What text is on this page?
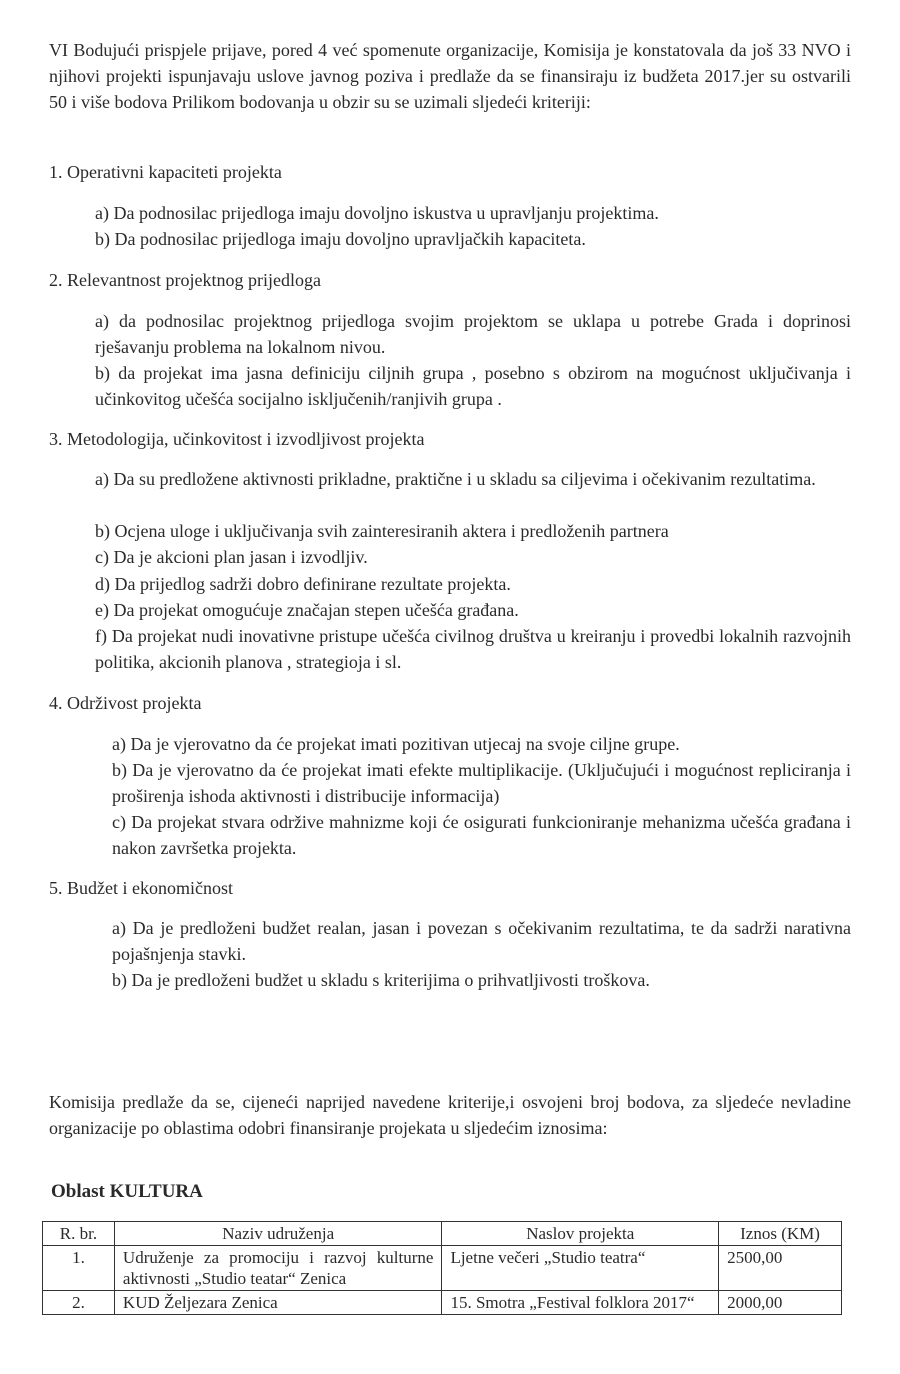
VI Bodujući prispjele prijave, pored 4 već spomenute organizacije, Komisija je konstatovala da još 33 NVO i njihovi projekti ispunjavaju uslove javnog poziva i predlaže da se finansiraju iz budžeta 2017.jer su ostvarili 50 i više bodova Prilikom bodovanja u obzir su se uzimali sljedeći kriteriji:

1. Operativni kapaciteti projekta

a) Da podnosilac prijedloga imaju dovoljno iskustva u upravljanju projektima.

b) Da podnosilac prijedloga imaju dovoljno upravljačkih kapaciteta.

2. Relevantnost projektnog prijedloga

a) da podnosilac projektnog prijedloga svojim projektom se uklapa u potrebe Grada i doprinosi rješavanju problema na lokalnom nivou.

b) da projekat ima jasna definiciju ciljnih grupa , posebno s obzirom na mogućnost uključivanja i učinkovitog učešća socijalno isključenih/ranjivih grupa .

3. Metodologija, učinkovitost i izvodljivost projekta

a) Da su predložene aktivnosti prikladne, praktične i u skladu sa ciljevima i očekivanim rezultatima.

b) Ocjena uloge i uključivanja svih zainteresiranih aktera i predloženih partnera

c) Da je akcioni plan jasan i izvodljiv.

d) Da prijedlog sadrži dobro definirane rezultate projekta.

e) Da projekat omogućuje značajan stepen učešća građana.

f) Da projekat nudi inovativne pristupe učešća civilnog društva u kreiranju i provedbi lokalnih razvojnih politika, akcionih planova , strategioja i sl.

4. Održivost projekta

a) Da je vjerovatno da će projekat imati pozitivan utjecaj na svoje ciljne grupe.

b) Da je vjerovatno da će projekat imati efekte multiplikacije. (Uključujući i mogućnost repliciranja i proširenja ishoda aktivnosti i distribucije informacija)

c) Da projekat stvara održive mahnizme koji će osigurati funkcioniranje mehanizma učešća građana i nakon završetka projekta.

5. Budžet i ekonomičnost

a) Da je predloženi budžet realan, jasan i povezan s očekivanim rezultatima, te da sadrži narativna pojašnjenja stavki.

b) Da je predloženi budžet u skladu s kriterijima o prihvatljivosti troškova.

Komisija predlaže da se, cijeneći naprijed navedene kriterije,i osvojeni broj bodova, za sljedeće nevladine organizacije po oblastima odobri finansiranje projekata u sljedećim iznosima:

Oblast KULTURA

R. br.	Naziv udruženja	Naslov projekta	Iznos (KM)
1.	Udruženje za promociju i razvoj kulturne aktivnosti „Studio teatar“ Zenica	Ljetne večeri „Studio teatra“	2500,00
2.	KUD Željezara Zenica	15. Smotra „Festival folklora 2017“	2000,00
